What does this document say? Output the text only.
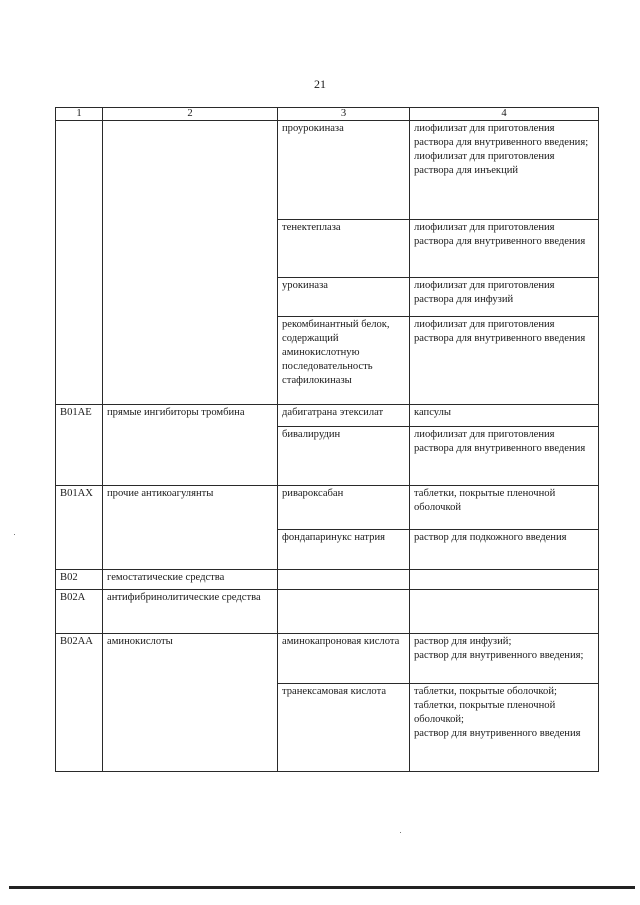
21
1	2	3	4
		проурокиназа	лиофилизат для приготовления раствора для внутривенного введения;
лиофилизат для приготовления раствора для инъекций
		тенектеплаза	лиофилизат для приготовления раствора для внутривенного введения
		урокиназа	лиофилизат для приготовления раствора для инфузий
		рекомбинантный белок, содержащий аминокислотную последовательность стафилокиназы	лиофилизат для приготовления раствора для внутривенного введения
B01AE	прямые ингибиторы тромбина	дабигатрана этексилат	капсулы
		бивалирудин	лиофилизат для приготовления раствора для внутривенного введения
B01AX	прочие антикоагулянты	ривароксабан	таблетки, покрытые пленочной оболочкой
		фондапаринукс натрия	раствор для подкожного введения
B02	гемостатические средства		
B02A	антифибринолитические средства		
B02AA	аминокислоты	аминокапроновая кислота	раствор для инфузий;
раствор для внутривенного введения;
		транексамовая кислота	таблетки, покрытые оболочкой;
таблетки, покрытые пленочной оболочкой;
раствор для внутривенного введения
